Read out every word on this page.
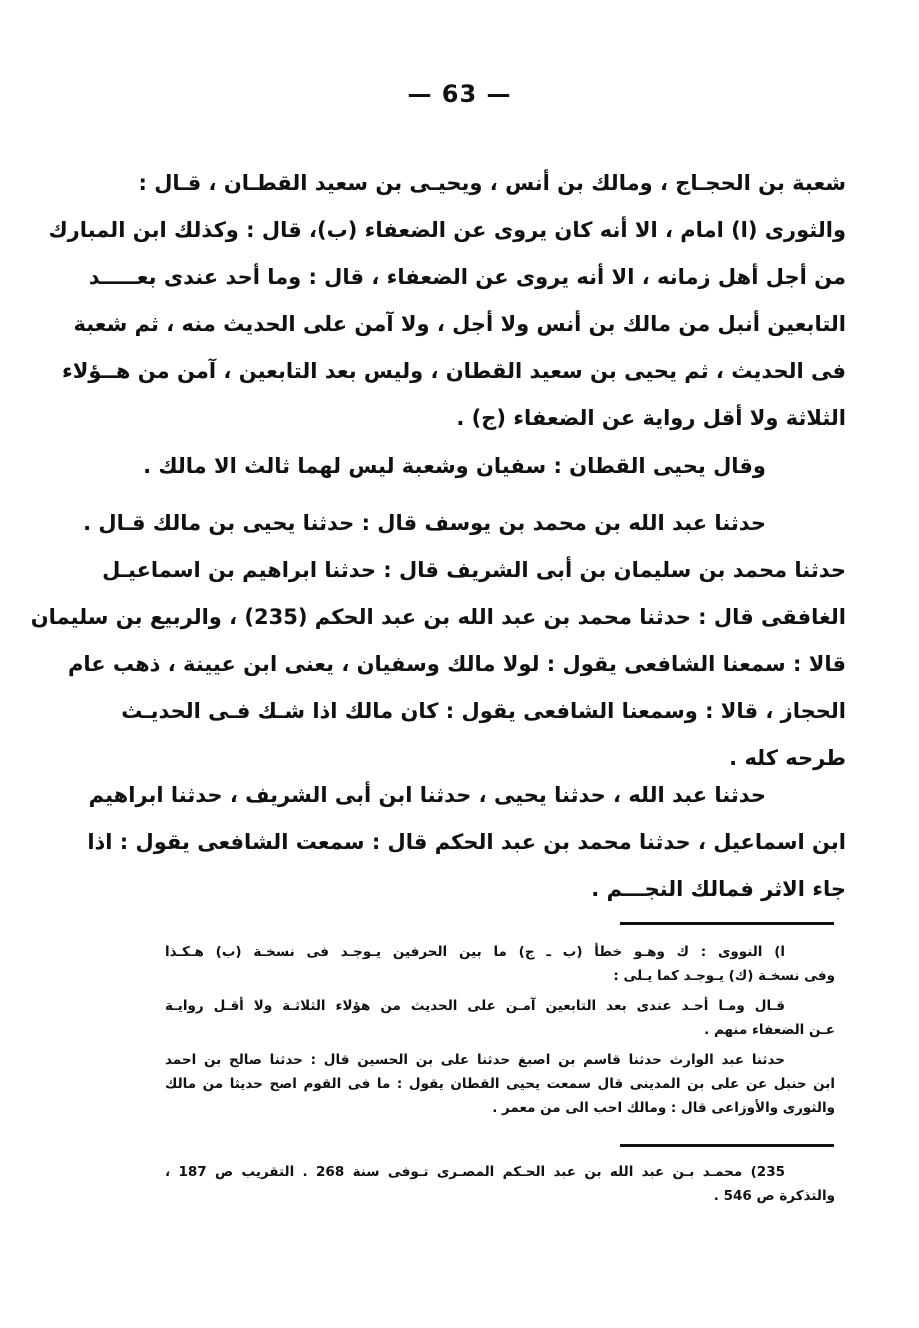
— 63 —
شعبة بن الحجـاج ، ومالك بن أنس ، ويحيـى بن سعيد القطـان ، قـال :
والثورى (ا) امام ، الا أنه كان يروى عن الضعفاء (ب)، قال : وكذلك ابن المبارك
من أجل أهل زمانه ، الا أنه يروى عن الضعفاء ، قال : وما أحد عندى بعـــــد
التابعين أنبل من مالك بن أنس ولا أجل ، ولا آمن على الحديث منه ، ثم شعبة
فى الحديث ، ثم يحيى بن سعيد القطان ، وليس بعد التابعين ، آمن من هــؤلاء
الثلاثة ولا أقل رواية عن الضعفاء (ج) .
وقال يحيى القطان : سفيان وشعبة ليس لهما ثالث الا مالك .
حدثنا عبد الله بن محمد بن يوسف قال : حدثنا يحيى بن مالك قـال .
حدثنا محمد بن سليمان بن أبى الشريف قال : حدثنا ابراهيم بن اسماعيـل
الغافقى قال : حدثنا محمد بن عبد الله بن عبد الحكم (235) ، والربيع بن سليمان
قالا : سمعنا الشافعى يقول : لولا مالك وسفيان ، يعنى ابن عيينة ، ذهب عام
الحجاز ، قالا : وسمعنا الشافعى يقول : كان مالك اذا شـك فـى الحديـث
طرحه كله .
حدثنا عبد الله ، حدثنا يحيى ، حدثنا ابن أبى الشريف ، حدثنا ابراهيم
ابن اسماعيل ، حدثنا محمد بن عبد الحكم قال : سمعت الشافعى يقول : اذا
جاء الاثر فمالك النجـــم .
ا) النووى : ك وهـو خطأ (ب ـ ج) ما بين الحرفين يـوجـد فى نسخـة (ب) هـكـذا
وفى نسخـة (ك) يـوجـد كما يـلى :
قـال ومـا أحـد عندى بعد التابعين آمـن على الحديث من هؤلاء الثلاثـة ولا أقـل روايـة
عـن الضعفاء منهم .
حدثنا عبد الوارث حدثنا قاسم بن اصبغ حدثنا على بن الحسين قال : حدثنا صالح بن احمد
ابن حنبل عن على بن المدينى قال سمعت يحيى القطان يقول : ما فى القوم اصح حديثا من مالك
والثورى والأوزاعى قال : ومالك احب الى من معمر .
235) محمـد بـن عبد الله بن عبد الحـكم المصـرى تـوفى سنة 268 . التقريب ص 187 ،
والتذكرة ص 546 .
